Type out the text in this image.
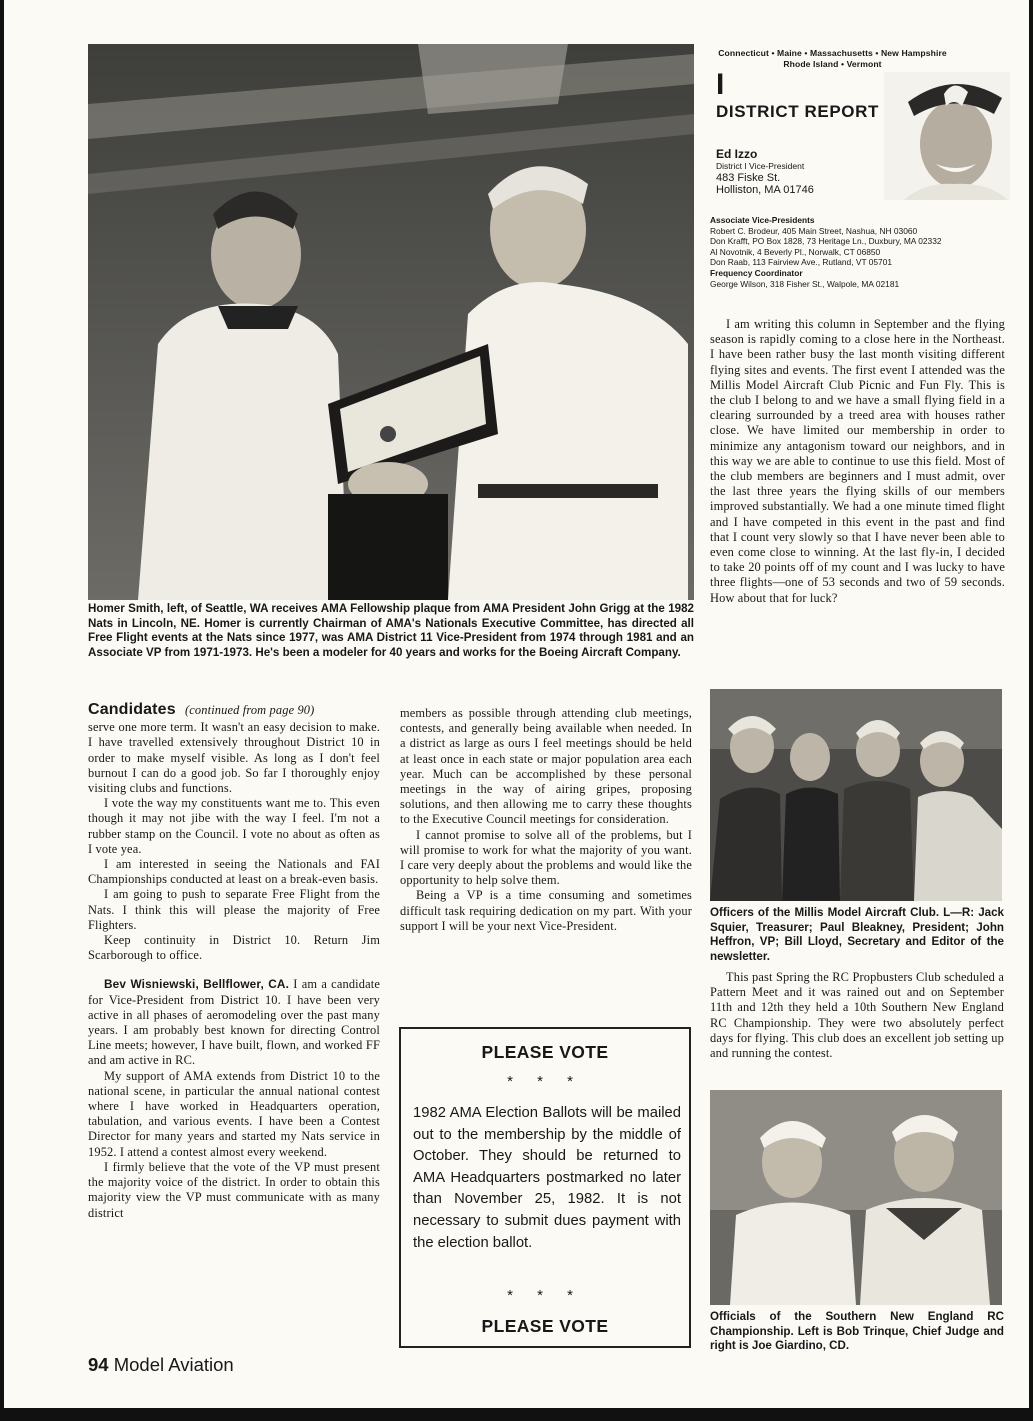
Homer Smith, left, of Seattle, WA receives AMA Fellowship plaque from AMA President John Grigg at the 1982 Nats in Lincoln, NE. Homer is currently Chairman of AMA's Nationals Executive Committee, has directed all Free Flight events at the Nats since 1977, was AMA District 11 Vice-President from 1974 through 1981 and an Associate VP from 1971-1973. He's been a modeler for 40 years and works for the Boeing Aircraft Company.

Connecticut • Maine • Massachusetts • New Hampshire
Rhode Island • Vermont
I
DISTRICT REPORT
Ed Izzo
District I Vice-President
483 Fiske St.
Holliston, MA 01746
Associate Vice-Presidents
Robert C. Brodeur, 405 Main Street, Nashua, NH 03060
Don Krafft, PO Box 1828, 73 Heritage Ln., Duxbury, MA 02332
Al Novotnik, 4 Beverly Pl., Norwalk, CT 06850
Don Raab, 113 Fairview Ave., Rutland, VT 05701
Frequency Coordinator
George Wilson, 318 Fisher St., Walpole, MA 02181

I am writing this column in September and the flying season is rapidly coming to a close here in the Northeast. I have been rather busy the last month visiting different flying sites and events. The first event I attended was the Millis Model Aircraft Club Picnic and Fun Fly. This is the club I belong to and we have a small flying field in a clearing surrounded by a treed area with houses rather close. We have limited our membership in order to minimize any antagonism toward our neighbors, and in this way we are able to continue to use this field. Most of the club members are beginners and I must admit, over the last three years the flying skills of our members improved substantially. We had a one minute timed flight and I have competed in this event in the past and find that I count very slowly so that I have never been able to even come close to winning. At the last fly-in, I decided to take 20 points off of my count and I was lucky to have three flights—one of 53 seconds and two of 59 seconds. How about that for luck?

Officers of the Millis Model Aircraft Club. L—R: Jack Squier, Treasurer; Paul Bleakney, President; John Heffron, VP; Bill Lloyd, Secretary and Editor of the newsletter.

This past Spring the RC Propbusters Club scheduled a Pattern Meet and it was rained out and on September 11th and 12th they held a 10th Southern New England RC Championship. They were two absolutely perfect days for flying. This club does an excellent job setting up and running the contest.

Officials of the Southern New England RC Championship. Left is Bob Trinque, Chief Judge and right is Joe Giardino, CD.

Candidates (continued from page 90)

serve one more term. It wasn't an easy decision to make. I have travelled extensively throughout District 10 in order to make myself visible. As long as I don't feel burnout I can do a good job. So far I thoroughly enjoy visiting clubs and functions.

I vote the way my constituents want me to. This even though it may not jibe with the way I feel. I'm not a rubber stamp on the Council. I vote no about as often as I vote yea.

I am interested in seeing the Nationals and FAI Championships conducted at least on a break-even basis.

I am going to push to separate Free Flight from the Nats. I think this will please the majority of Free Flighters.

Keep continuity in District 10. Return Jim Scarborough to office.

Bev Wisniewski, Bellflower, CA. I am a candidate for Vice-President from District 10. I have been very active in all phases of aeromodeling over the past many years. I am probably best known for directing Control Line meets; however, I have built, flown, and worked FF and am active in RC.

My support of AMA extends from District 10 to the national scene, in particular the annual national contest where I have worked in Headquarters operation, tabulation, and various events. I have been a Contest Director for many years and started my Nats service in 1952. I attend a contest almost every weekend.

I firmly believe that the vote of the VP must present the majority voice of the district. In order to obtain this majority view the VP must communicate with as many district

members as possible through attending club meetings, contests, and generally being available when needed. In a district as large as ours I feel meetings should be held at least once in each state or major population area each year. Much can be accomplished by these personal meetings in the way of airing gripes, proposing solutions, and then allowing me to carry these thoughts to the Executive Council meetings for consideration.

I cannot promise to solve all of the problems, but I will promise to work for what the majority of you want. I care very deeply about the problems and would like the opportunity to help solve them.

Being a VP is a time consuming and sometimes difficult task requiring dedication on my part. With your support I will be your next Vice-President.

PLEASE VOTE
* * *
1982 AMA Election Ballots will be mailed out to the membership by the middle of October. They should be returned to AMA Headquarters postmarked no later than November 25, 1982. It is not necessary to submit dues payment with the election ballot.
* * *
PLEASE VOTE
94 Model Aviation
